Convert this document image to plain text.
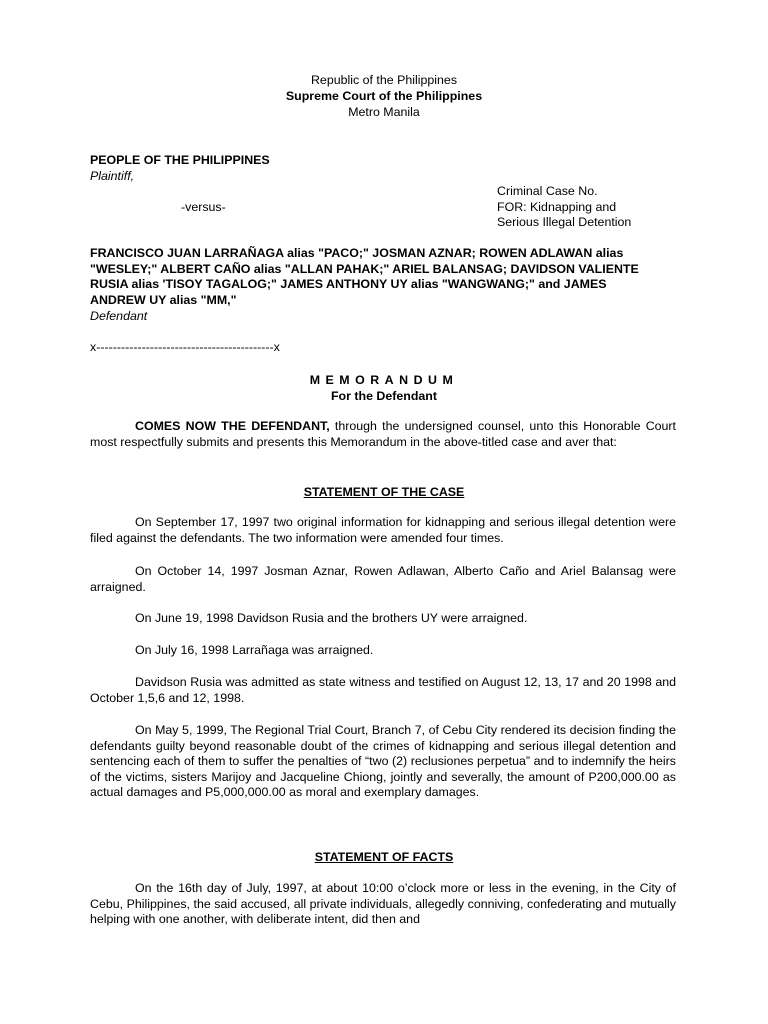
Republic of the Philippines
Supreme Court of the Philippines
Metro Manila
PEOPLE OF THE PHILIPPINES
Plaintiff,
Criminal Case No.
FOR: Kidnapping and
Serious Illegal Detention
-versus-
FRANCISCO JUAN LARRAÑAGA alias "PACO;" JOSMAN AZNAR; ROWEN ADLAWAN alias "WESLEY;" ALBERT CAÑO alias "ALLAN PAHAK;" ARIEL BALANSAG; DAVIDSON VALIENTE RUSIA alias 'TISOY TAGALOG;" JAMES ANTHONY UY alias "WANGWANG;" and JAMES ANDREW UY alias "MM,"
Defendant
x-------------------------------------------x
MEMORANDUM
For the Defendant
COMES NOW THE DEFENDANT, through the undersigned counsel, unto this Honorable Court most respectfully submits and presents this Memorandum in the above-titled case and aver that:
STATEMENT OF THE CASE
On September 17, 1997 two original information for kidnapping and serious illegal detention were filed against the defendants. The two information were amended four times.
On October 14, 1997 Josman Aznar, Rowen Adlawan, Alberto Caño and Ariel Balansag were arraigned.
On June 19, 1998 Davidson Rusia and the brothers UY were arraigned.
On July 16, 1998 Larrañaga was arraigned.
Davidson Rusia was admitted as state witness and testified on August 12, 13, 17 and 20 1998 and October 1,5,6 and 12, 1998.
On May 5, 1999, The Regional Trial Court, Branch 7, of Cebu City rendered its decision finding the defendants guilty beyond reasonable doubt of the crimes of kidnapping and serious illegal detention and sentencing each of them to suffer the penalties of “two (2) reclusiones perpetua” and to indemnify the heirs of the victims, sisters Marijoy and Jacqueline Chiong, jointly and severally, the amount of P200,000.00 as actual damages and P5,000,000.00 as moral and exemplary damages.
STATEMENT OF FACTS
On the 16th day of July, 1997, at about 10:00 o’clock more or less in the evening, in the City of Cebu, Philippines, the said accused, all private individuals, allegedly conniving, confederating and mutually helping with one another, with deliberate intent, did then and
